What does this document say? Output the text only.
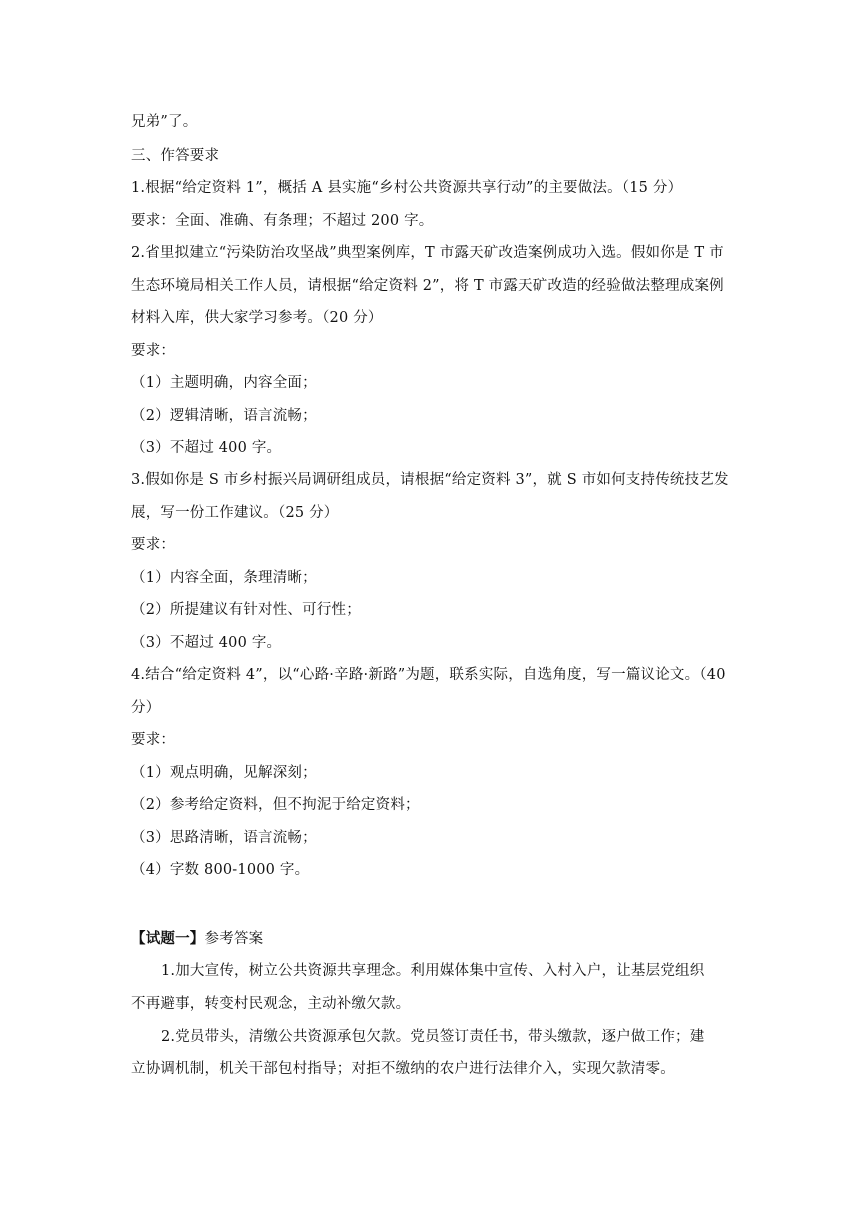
兄弟”了。
三、作答要求
1.根据“给定资料 1”，概括 A 县实施“乡村公共资源共享行动”的主要做法。（15 分）
要求：全面、准确、有条理；不超过 200 字。
2.省里拟建立“污染防治攻坚战”典型案例库，T 市露天矿改造案例成功入选。假如你是 T 市
生态环境局相关工作人员，请根据“给定资料 2”，将 T 市露天矿改造的经验做法整理成案例
材料入库，供大家学习参考。（20 分）
要求：
（1）主题明确，内容全面；
（2）逻辑清晰，语言流畅；
（3）不超过 400 字。
3.假如你是 S 市乡村振兴局调研组成员，请根据“给定资料 3”，就 S 市如何支持传统技艺发
展，写一份工作建议。（25 分）
要求：
（1）内容全面，条理清晰；
（2）所提建议有针对性、可行性；
（3）不超过 400 字。
4.结合“给定资料 4”，以“心路·辛路·新路”为题，联系实际，自选角度，写一篇议论文。（40
分）
要求：
（1）观点明确，见解深刻；
（2）参考给定资料，但不拘泥于给定资料；
（3）思路清晰，语言流畅；
（4）字数 800-1000 字。
【试题一】参考答案
1.加大宣传，树立公共资源共享理念。利用媒体集中宣传、入村入户，让基层党组织
不再避事，转变村民观念，主动补缴欠款。
2.党员带头，清缴公共资源承包欠款。党员签订责任书，带头缴款，逐户做工作；建
立协调机制，机关干部包村指导；对拒不缴纳的农户进行法律介入，实现欠款清零。
